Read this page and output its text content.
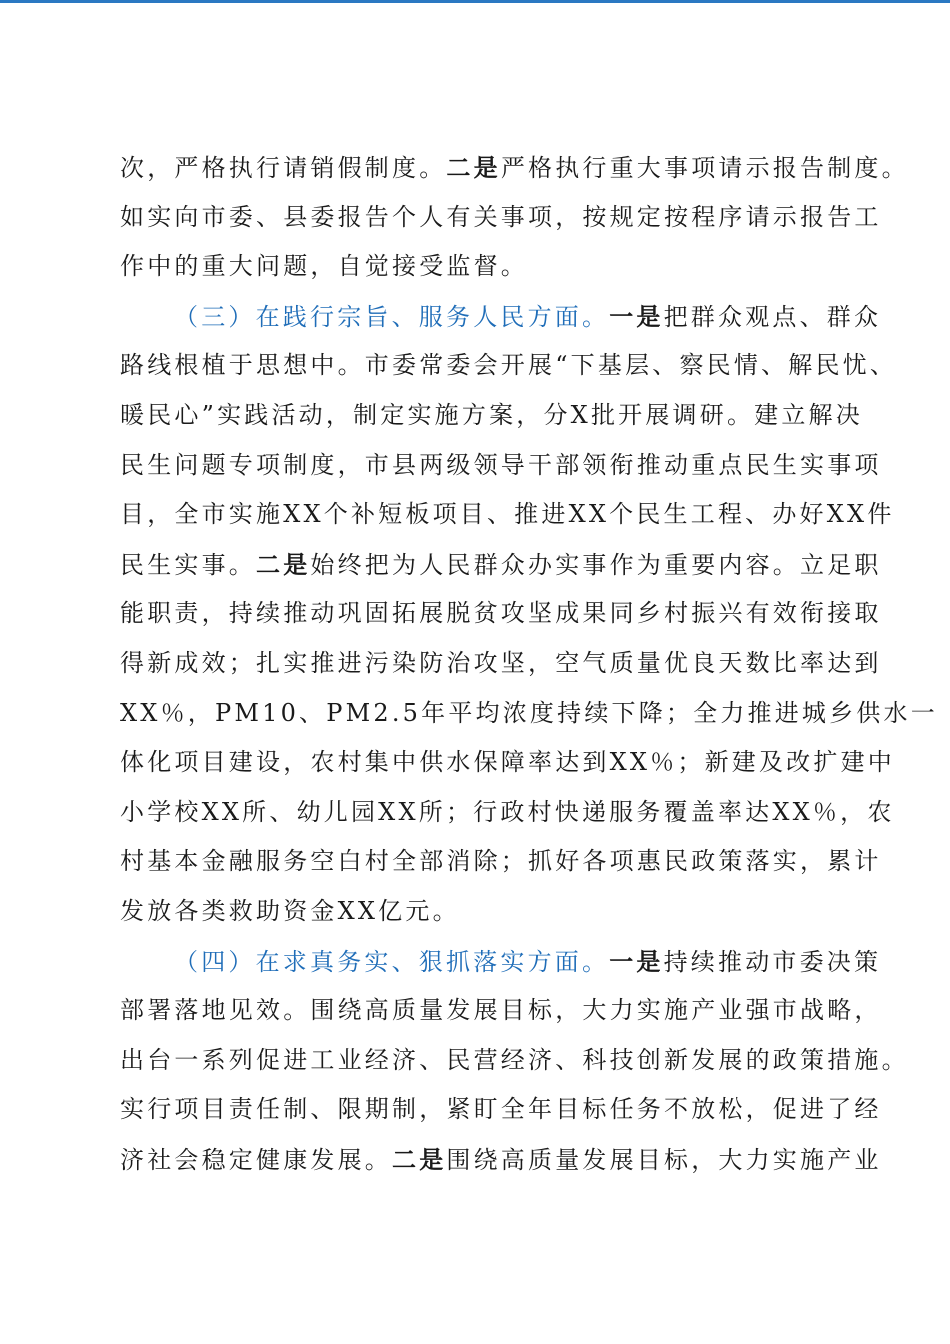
次，严格执行请销假制度。二是严格执行重大事项请示报告制度。
如实向市委、县委报告个人有关事项，按规定按程序请示报告工
作中的重大问题，自觉接受监督。
（三）在践行宗旨、服务人民方面。一是把群众观点、群众
路线根植于思想中。市委常委会开展“下基层、察民情、解民忧、
暖民心”实践活动，制定实施方案，分X批开展调研。建立解决
民生问题专项制度，市县两级领导干部领衔推动重点民生实事项
目，全市实施XX个补短板项目、推进XX个民生工程、办好XX件
民生实事。二是始终把为人民群众办实事作为重要内容。立足职
能职责，持续推动巩固拓展脱贫攻坚成果同乡村振兴有效衔接取
得新成效；扎实推进污染防治攻坚，空气质量优良天数比率达到
XX％，PM10、PM2.5年平均浓度持续下降；全力推进城乡供水一
体化项目建设，农村集中供水保障率达到XX％；新建及改扩建中
小学校XX所、幼儿园XX所；行政村快递服务覆盖率达XX％，农
村基本金融服务空白村全部消除；抓好各项惠民政策落实，累计
发放各类救助资金XX亿元。
（四）在求真务实、狠抓落实方面。一是持续推动市委决策
部署落地见效。围绕高质量发展目标，大力实施产业强市战略，
出台一系列促进工业经济、民营经济、科技创新发展的政策措施。
实行项目责任制、限期制，紧盯全年目标任务不放松，促进了经
济社会稳定健康发展。二是围绕高质量发展目标，大力实施产业
